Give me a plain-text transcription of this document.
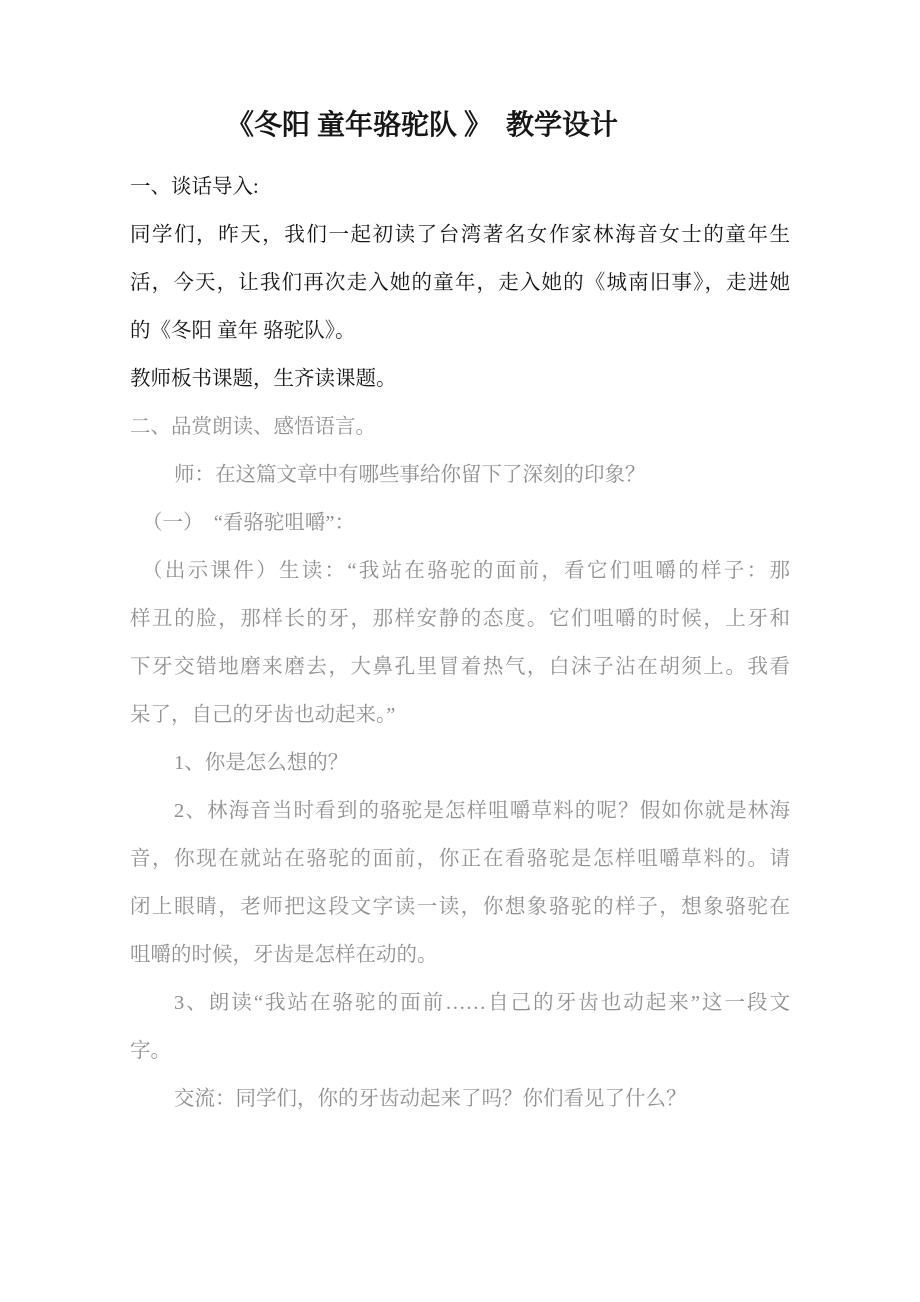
《冬阳 童年骆驼队 》  教学设计
一、谈话导入:
同学们，昨天，我们一起初读了台湾著名女作家林海音女士的童年生
活，今天，让我们再次走入她的童年，走入她的《城南旧事》，走进她
的《冬阳 童年 骆驼队》。
教师板书课题，生齐读课题。
二、品赏朗读、感悟语言。
师：在这篇文章中有哪些事给你留下了深刻的印象？
（一）  “看骆驼咀嚼”：
（出示课件）生读：“我站在骆驼的面前，看它们咀嚼的样子：那
样丑的脸，那样长的牙，那样安静的态度。它们咀嚼的时候，上牙和
下牙交错地磨来磨去，大鼻孔里冒着热气，白沫子沾在胡须上。我看
呆了，自己的牙齿也动起来。”
1、你是怎么想的？
2、林海音当时看到的骆驼是怎样咀嚼草料的呢？假如你就是林海
音，你现在就站在骆驼的面前，你正在看骆驼是怎样咀嚼草料的。请
闭上眼睛，老师把这段文字读一读，你想象骆驼的样子，想象骆驼在
咀嚼的时候，牙齿是怎样在动的。
3、朗读“我站在骆驼的面前……自己的牙齿也动起来”这一段文
字。
交流：同学们，你的牙齿动起来了吗？你们看见了什么？
